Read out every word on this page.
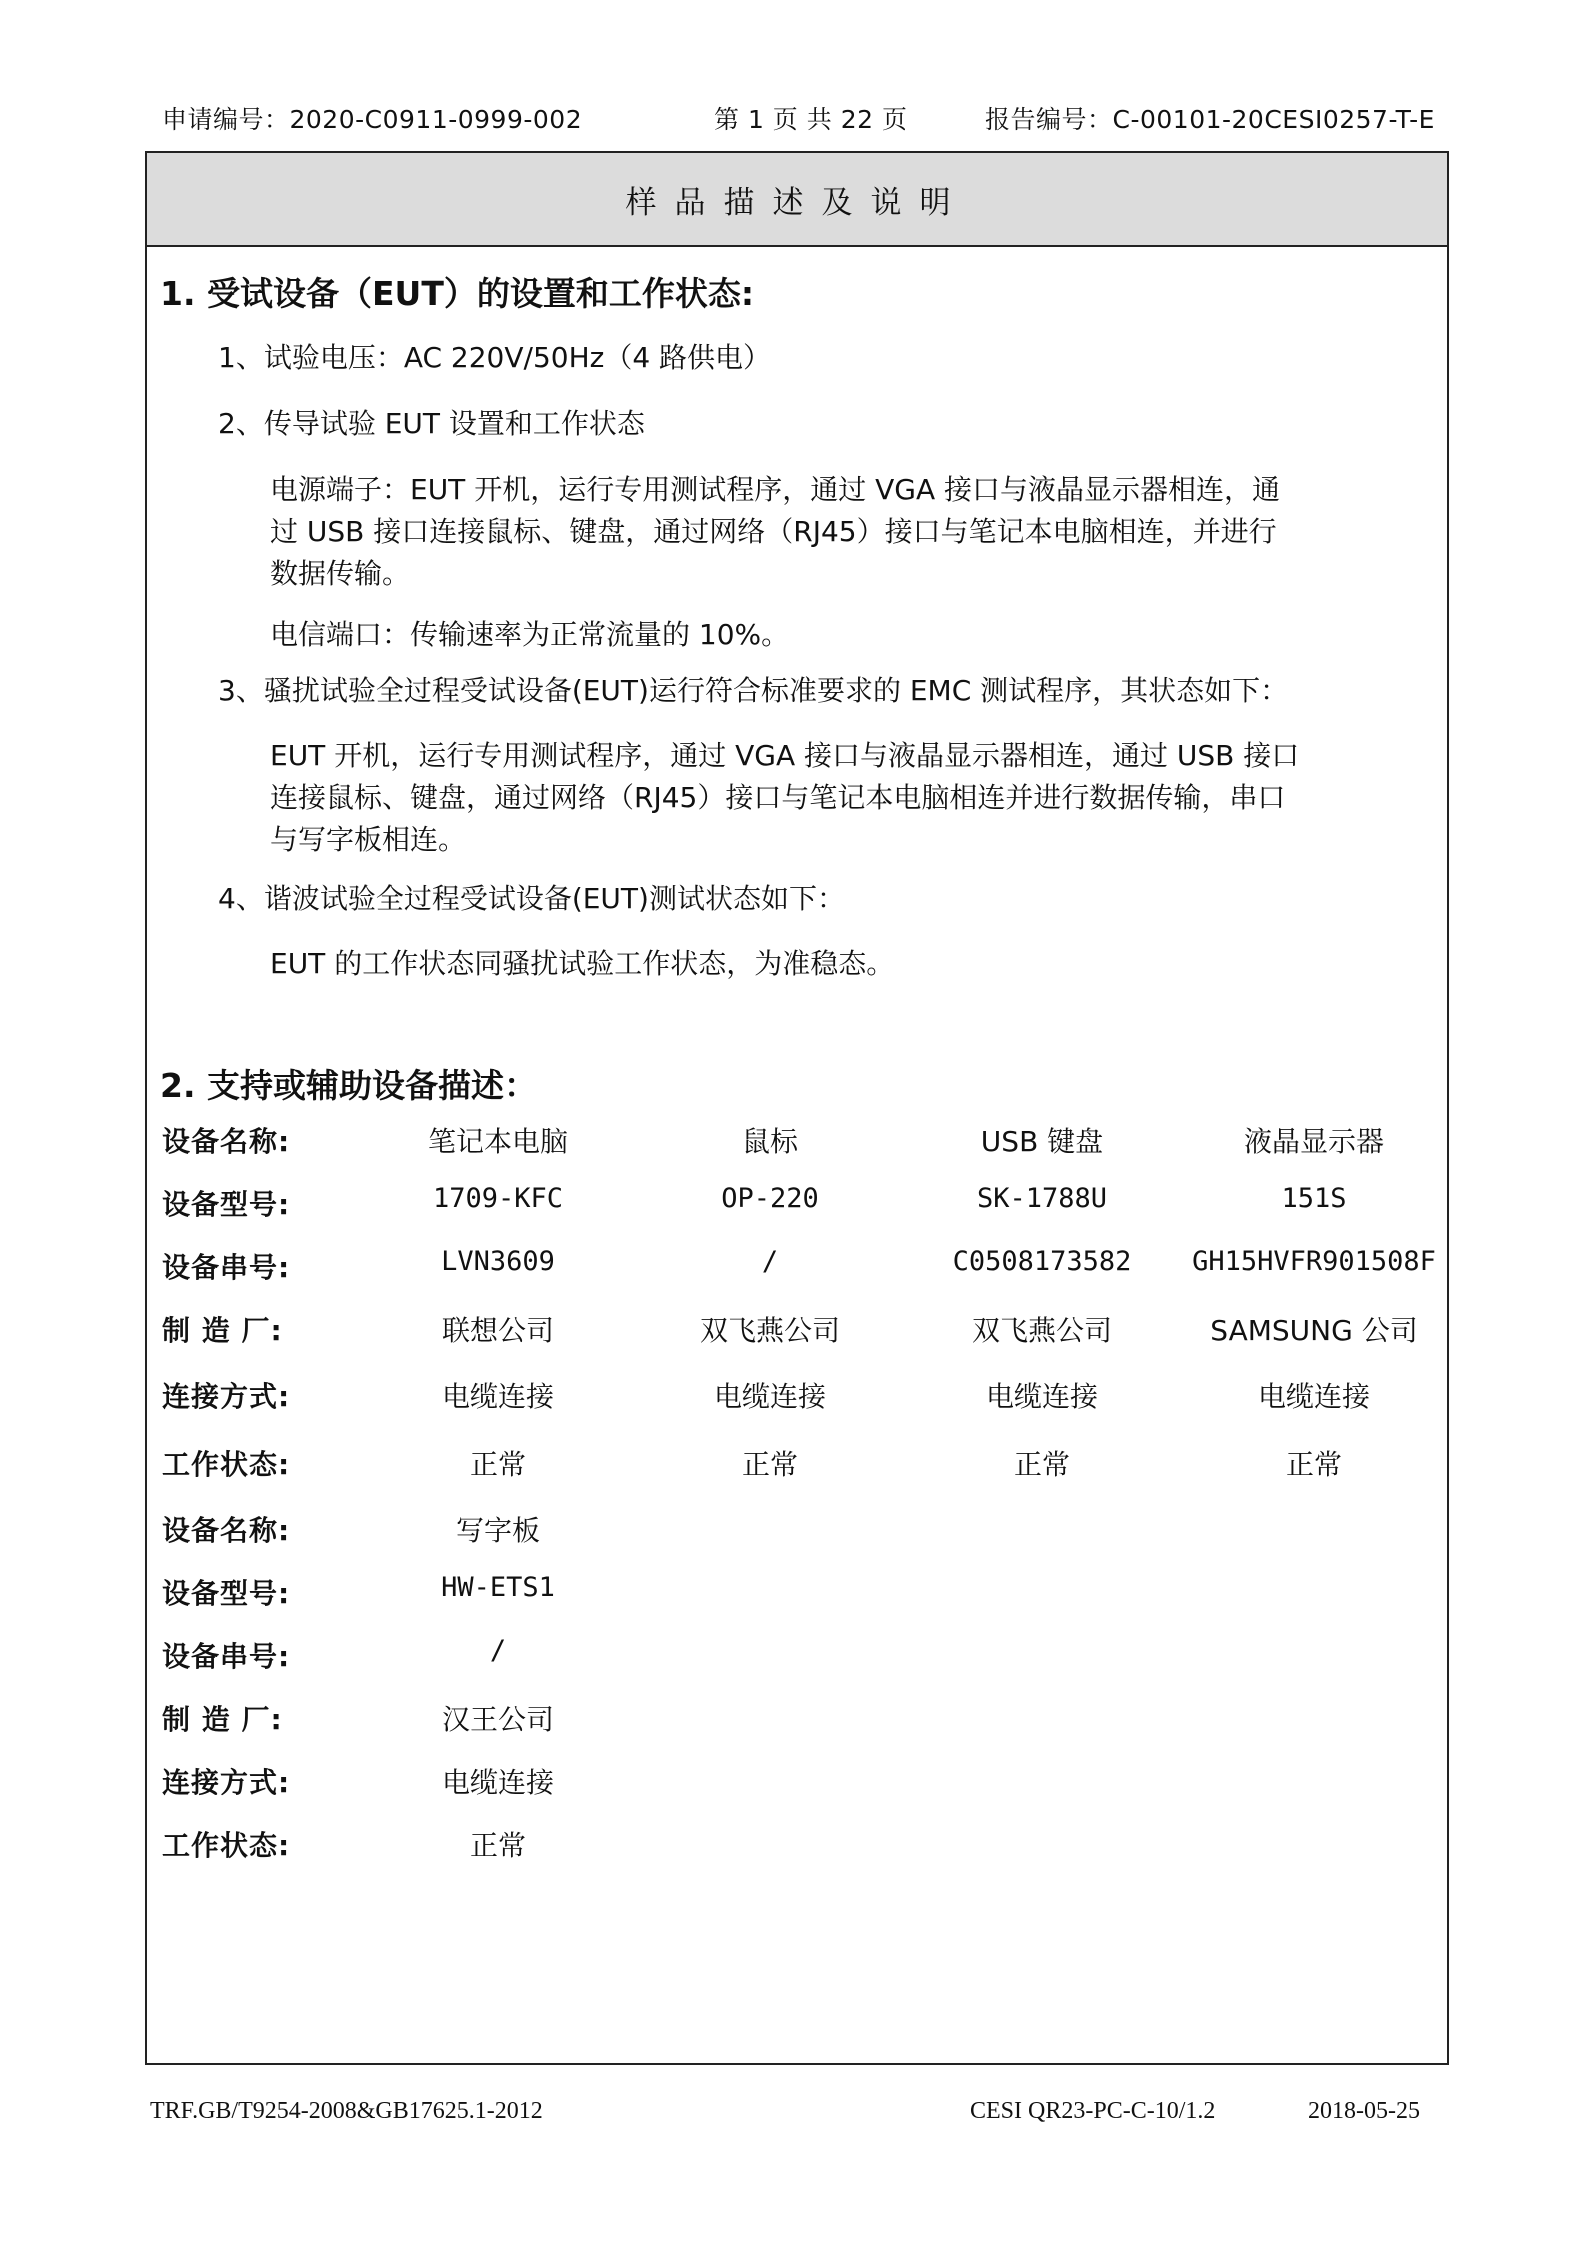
申请编号：2020-C0911-0999-002	第 1 页 共 22 页	报告编号：C-00101-20CESI0257-T-E
样品描述及说明
1. 受试设备（EUT）的设置和工作状态:
1、试验电压：AC 220V/50Hz（4 路供电）
2、传导试验 EUT 设置和工作状态
电源端子：EUT 开机，运行专用测试程序，通过 VGA 接口与液晶显示器相连，通
过 USB 接口连接鼠标、键盘，通过网络（RJ45）接口与笔记本电脑相连，并进行
数据传输。
电信端口：传输速率为正常流量的 10%。
3、骚扰试验全过程受试设备(EUT)运行符合标准要求的 EMC 测试程序，其状态如下：
EUT 开机，运行专用测试程序，通过 VGA 接口与液晶显示器相连，通过 USB 接口
连接鼠标、键盘，通过网络（RJ45）接口与笔记本电脑相连并进行数据传输，串口
与写字板相连。
4、谐波试验全过程受试设备(EUT)测试状态如下：
EUT 的工作状态同骚扰试验工作状态，为准稳态。
2. 支持或辅助设备描述：
设备名称:	笔记本电脑	鼠标	USB 键盘	液晶显示器
设备型号:	1709-KFC	OP-220	SK-1788U	151S
设备串号:	LVN3609	/	C0508173582	GH15HVFR901508F
制 造 厂:	联想公司	双飞燕公司	双飞燕公司	SAMSUNG 公司
连接方式:	电缆连接	电缆连接	电缆连接	电缆连接
工作状态:	正常	正常	正常	正常
设备名称:	写字板
设备型号:	HW-ETS1
设备串号:	/
制 造 厂:	汉王公司
连接方式:	电缆连接
工作状态:	正常
TRF.GB/T9254-2008&GB17625.1-2012	CESI QR23-PC-C-10/1.2	2018-05-25
